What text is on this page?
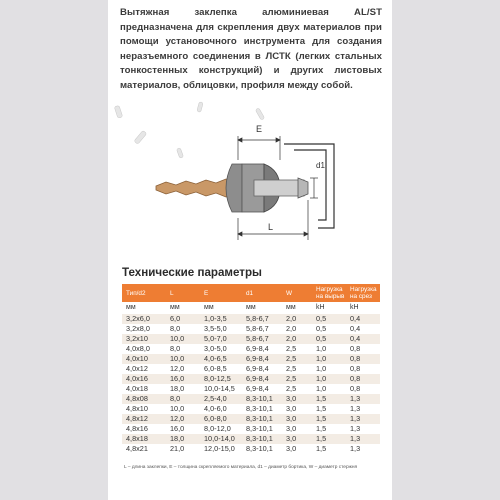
Вытяжная заклепка алюминиевая AL/ST предназначена для скрепления двух материалов при помощи установочного инструмента для создания неразъемного соединения в ЛСТК (легких стальных тонкостенных конструкций) и других листовых материалов, облицовки, профиля между собой.

E
d1
L
Технические параметры
Тип/d2	L	E	d1	W	Нагрузка на вырыв	Нагрузка на срез
мм	мм	мм	мм	мм	kH	kH
3,2x6,0	6,0	1,0-3,5	5,8-6,7	2,0	0,5	0,4
3,2x8,0	8,0	3,5-5,0	5,8-6,7	2,0	0,5	0,4
3,2x10	10,0	5,0-7,0	5,8-6,7	2,0	0,5	0,4
4,0x8,0	8,0	3,0-5,0	6,9-8,4	2,5	1,0	0,8
4,0x10	10,0	4,0-6,5	6,9-8,4	2,5	1,0	0,8
4,0x12	12,0	6,0-8,5	6,9-8,4	2,5	1,0	0,8
4,0x16	16,0	8,0-12,5	6,9-8,4	2,5	1,0	0,8
4,0x18	18,0	10,0-14,5	6,9-8,4	2,5	1,0	0,8
4,8x08	8,0	2,5-4,0	8,3-10,1	3,0	1,5	1,3
4,8x10	10,0	4,0-6,0	8,3-10,1	3,0	1,5	1,3
4,8x12	12,0	6,0-8,0	8,3-10,1	3,0	1,5	1,3
4,8x16	16,0	8,0-12,0	8,3-10,1	3,0	1,5	1,3
4,8x18	18,0	10,0-14,0	8,3-10,1	3,0	1,5	1,3
4,8x21	21,0	12,0-15,0	8,3-10,1	3,0	1,5	1,3

L – длина заклепки, E – толщина скрепляемого материала, d1 – диаметр бортика, W – диаметр стержня
